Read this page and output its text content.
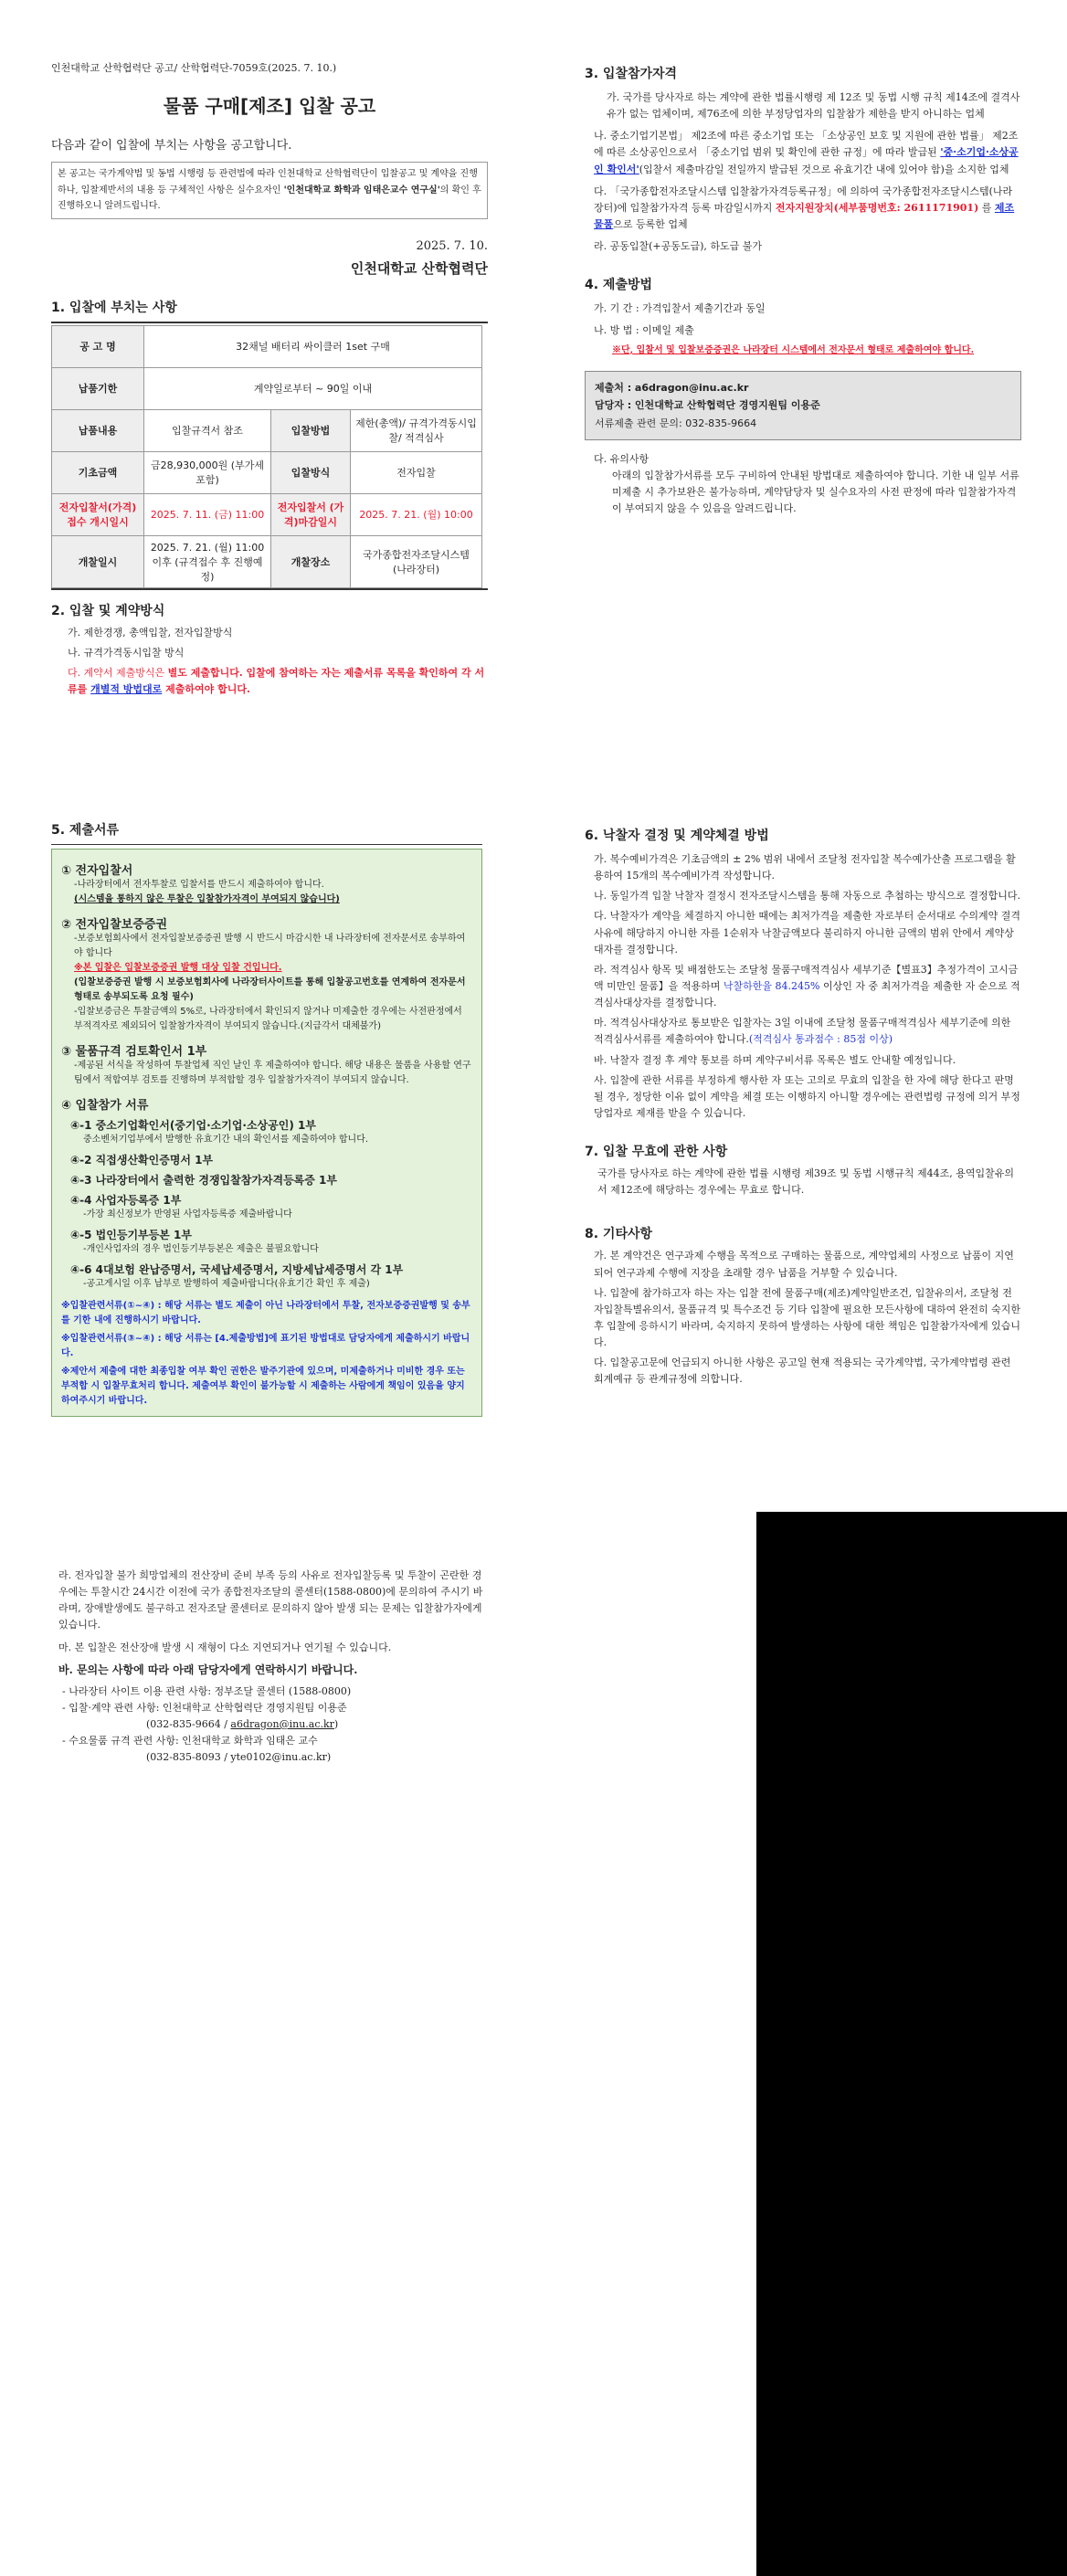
인천대학교 산학협력단 공고/ 산학협력단-7059호(2025. 7. 10.)
물품 구매[제조] 입찰 공고
다음과 같이 입찰에 부치는 사항을 공고합니다.
본 공고는 국가계약법 및 동법 시행령 등 관련법에 따라 인천대학교 산학협력단이 입찰공고 및 계약을 진행하나, 입찰제반서의 내용 등 구체적인 사항은 실수요자인 '인천대학교 화학과 임태은교수 연구실'의 확인 후 진행하오니 알려드립니다.
2025. 7. 10.
인천대학교 산학협력단
1. 입찰에 부치는 사항
공 고 명	32채널 배터리 싸이클러 1set 구매		
납품기한	계약일로부터 ~ 90일 이내		
납품내용	입찰규격서 참조	입찰방법	제한(총액)/ 규격가격동시입찰/ 적격심사
기초금액	금28,930,000원 (부가세 포함)	입찰방식	전자입찰
전자입찰서(가격) 접수 개시일시	2025. 7. 11. (금) 11:00	전자입찰서 (가격)마감일시	2025. 7. 21. (월) 10:00
개찰일시	2025. 7. 21. (월) 11:00 이후 (규격접수 후 진행예정)	개찰장소	국가종합전자조달시스템 (나라장터)
2. 입찰 및 계약방식
가. 제한경쟁, 총액입찰, 전자입찰방식
나. 규격가격동시입찰 방식
다. 계약서 제출방식은 별도 제출합니다. 입찰에 참여하는 자는 제출서류 목록을 확인하여 각 서류를 개별적 방법대로 제출하여야 합니다.
3. 입찰참가자격
가. 국가를 당사자로 하는 계약에 관한 법률시행령 제 12조 및 동법 시행 규칙 제14조에 결격사유가 없는 업체이며, 제76조에 의한 부정당업자의 입찰참가 제한을 받지 아니하는 업체
나. 중소기업기본법」 제2조에 따른 중소기업 또는 「소상공인 보호 및 지원에 관한 법률」 제2조에 따른 소상공인으로서 「중소기업 범위 및 확인에 관한 규정」에 따라 발급된 '중·소기업·소상공인 확인서'(입찰서 제출마감일 전일까지 발급된 것으로 유효기간 내에 있어야 함)을 소지한 업체
다. 「국가종합전자조달시스템 입찰참가자격등록규정」에 의하여 국가종합전자조달시스템(나라장터)에 입찰참가자격 등록 마감일시까지 전자지원장치(세부품명번호: 2611171901) 를 제조물품으로 등록한 업체
라. 공동입찰(+공동도급), 하도급 불가
4. 제출방법
가. 기 간 : 가격입찰서 제출기간과 동일
나. 방 법 : 이메일 제출
※단, 입찰서 및 입찰보증증권은 나라장터 시스템에서 전자문서 형태로 제출하여야 합니다.
제출처 : a6dragon@inu.ac.kr
담당자 : 인천대학교 산학협력단 경영지원팀 이용준
서류제출 관련 문의: 032-835-9664
다. 유의사항
아래의 입찰참가서류를 모두 구비하여 안내된 방법대로 제출하여야 합니다. 기한 내 일부 서류 미제출 시 추가보완은 불가능하며, 계약담당자 및 실수요자의 사전 판정에 따라 입찰참가자격이 부여되지 않을 수 있음을 알려드립니다.
5. 제출서류
① 전자입찰서
-나라장터에서 전자투찰로 입찰서를 반드시 제출하여야 합니다.
(시스템을 통하지 않은 투찰은 입찰참가자격이 부여되지 않습니다)
② 전자입찰보증증권
-보증보험회사에서 전자입찰보증증권 발행 시 반드시 마감시한 내 나라장터에 전자문서로 송부하여야 합니다
※본 입찰은 입찰보증증권 발행 대상 입찰 건입니다.
(입찰보증증권 발행 시 보증보험회사에 나라장터사이트를 통해 입찰공고번호를 연계하여 전자문서 형태로 송부되도록 요청 필수)
-입찰보증금은 투찰금액의 5%로, 나라장터에서 확인되지 않거나 미제출한 경우에는 사전판정에서 부적격자로 제외되어 입찰참가자격이 부여되지 않습니다.(지급각서 대체불가)
③ 물품규격 검토확인서 1부
-제공된 서식을 작성하여 투찰업체 직인 날인 후 제출하여야 합니다. 해당 내용은 물품을 사용할 연구팀에서 적합여부 검토를 진행하며 부적합할 경우 입찰참가자격이 부여되지 않습니다.
④ 입찰참가 서류
④-1 중소기업확인서(중기업·소기업·소상공인) 1부
중소벤처기업부에서 발행한 유효기간 내의 확인서를 제출하여야 합니다.
④-2 직접생산확인증명서 1부
④-3 나라장터에서 출력한 경쟁입찰참가자격등록증 1부
④-4 사업자등록증 1부
-가장 최신정보가 반영된 사업자등록증 제출바랍니다
④-5 법인등기부등본 1부
-개인사업자의 경우 법인등기부등본은 제출은 불필요합니다
④-6 4대보험 완납증명서, 국세납세증명서, 지방세납세증명서 각 1부
-공고게시일 이후 납부로 발행하여 제출바랍니다(유효기간 확인 후 제출)
※입찰관련서류(①~④) : 해당 서류는 별도 제출이 아닌 나라장터에서 투찰, 전자보증증권발행 및 송부를 기한 내에 진행하시기 바랍니다.
※입찰관련서류(③~④) : 해당 서류는 [4.제출방법]에 표기된 방법대로 담당자에게 제출하시기 바랍니다.
※제안서 제출에 대한 최종입찰 여부 확인 권한은 발주기관에 있으며, 미제출하거나 미비한 경우 또는 부적합 시 입찰무효처리 합니다. 제출여부 확인이 불가능할 시 제출하는 사람에게 책임이 있음을 양지하여주시기 바랍니다.
6. 낙찰자 결정 및 계약체결 방법
가. 복수예비가격은 기초금액의 ± 2% 범위 내에서 조달청 전자입찰 복수예가산출 프로그램을 활용하여 15개의 복수예비가격 작성합니다.
나. 동일가격 입찰 낙찰자 결정시 전자조달시스템을 통해 자동으로 추첨하는 방식으로 결정합니다.
다. 낙찰자가 계약을 체결하지 아니한 때에는 최저가격을 제출한 자로부터 순서대로 수의계약 결격사유에 해당하지 아니한 자를 1순위자 낙찰금액보다 불리하지 아니한 금액의 범위 안에서 계약상대자를 결정합니다.
라. 적격심사 항목 및 배점한도는 조달청 물품구매적격심사 세부기준【별표3】추정가격이 고시금액 미만인 물품】을 적용하며 낙찰하한율 84.245% 이상인 자 중 최저가격을 제출한 자 순으로 적격심사대상자를 결정합니다.
마. 적격심사대상자로 통보받은 입찰자는 3일 이내에 조달청 물품구매적격심사 세부기준에 의한 적격심사서류를 제출하여야 합니다.(적격심사 통과점수 : 85점 이상)
바. 낙찰자 결정 후 계약 통보를 하며 계약구비서류 목록은 별도 안내할 예정입니다.
사. 입찰에 관한 서류를 부정하게 행사한 자 또는 고의로 무효의 입찰을 한 자에 해당 한다고 판명 될 경우, 정당한 이유 없이 계약을 체결 또는 이행하지 아니할 경우에는 관련법령 규정에 의거 부정당업자로 제재를 받을 수 있습니다.
7. 입찰 무효에 관한 사항
국가를 당사자로 하는 계약에 관한 법률 시행령 제39조 및 동법 시행규칙 제44조, 용역입찰유의서 제12조에 해당하는 경우에는 무효로 합니다.
8. 기타사항
가. 본 계약건은 연구과제 수행을 목적으로 구매하는 물품으로, 계약업체의 사정으로 납품이 지연되어 연구과제 수행에 지장을 초래할 경우 납품을 거부할 수 있습니다.
나. 입찰에 참가하고자 하는 자는 입찰 전에 물품구매(제조)계약일반조건, 입찰유의서, 조달청 전자입찰특별유의서, 물품규격 및 특수조건 등 기타 입찰에 필요한 모든사항에 대하여 완전히 숙지한 후 입찰에 응하시기 바라며, 숙지하지 못하여 발생하는 사항에 대한 책임은 입찰참가자에게 있습니다.
다. 입찰공고문에 언급되지 아니한 사항은 공고일 현재 적용되는 국가계약법, 국가계약법령 관련 회계예규 등 관계규정에 의합니다.
라. 전자입찰 불가 희망업체의 전산장비 준비 부족 등의 사유로 전자입찰등록 및 투찰이 곤란한 경우에는 투찰시간 24시간 이전에 국가 종합전자조달의 콜센터(1588-0800)에 문의하여 주시기 바라며, 장애발생에도 불구하고 전자조달 콜센터로 문의하지 않아 발생 되는 문제는 입찰참가자에게 있습니다.
마. 본 입찰은 전산장애 발생 시 재형이 다소 지연되거나 연기될 수 있습니다.
바. 문의는 사항에 따라 아래 담당자에게 연락하시기 바랍니다.
- 나라장터 사이트 이용 관련 사항: 정부조달 콜센터 (1588-0800)
- 입찰·계약 관련 사항: 인천대학교 산학협력단 경영지원팀 이용준
(032-835-9664 / a6dragon@inu.ac.kr)
- 수요물품 규격 관련 사항: 인천대학교 화학과 임태은 교수
(032-835-8093 / yte0102@inu.ac.kr)
